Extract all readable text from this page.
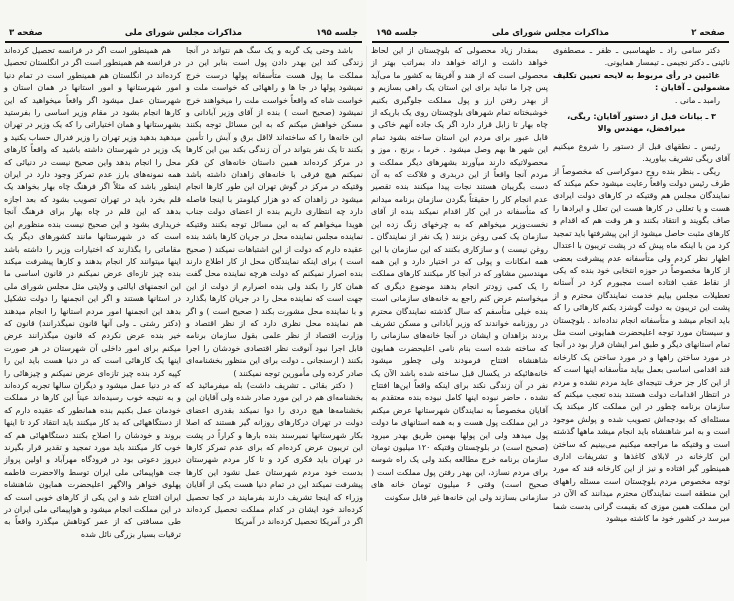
جلسه ۱۹۵
مذاکرات مجلس شورای ملی
صفحه ۳

باشد وحتی یک گربه و یک سگ هم نتواند در آنجا زندگی کند این بهدر دادن پول است بنابر این در مملکت ما پول هست متأسفانه پولها درست خرج نمیشود پولها در جا ها و راههائی که خواست ملت و خواست شاه که واقعاً خواست ملت را میخواهند خرج نمیشود (صحیح است ) بنده از آقای وزیر آبادانی و مسکن خواهش میکنم که به این مسائل توجه بکنند این خانه‌ها را که ساخته‌اند لااقل برق و آبش را تأمین بکنند تا یک نفر بتواند در آن زندگی بکند بین این کارها در مرکز کرده‌اند همین داستان خانه‌های کن فکر نمیکنم هیچ فرقی با خانه‌های زاهدان داشته باشد وقتیکه در مرکز در گوش تهران این طور کارها انجام میشود در زاهدان که دو هزار کیلومتر با اینجا فاصله دارد چه انتظاری داریم بنده از اعضای دولت جناب هویدا میخواهم که به این مسائل توجه بکنند وقتیکه نماینده مجلس نماینده محل در جریان کارها باشد بنده عقیده دارم که دولت از این اشتباهات نمیکند ( صحیح است ) برای اینکه نمایندگان محل از کار اطلاع دارند بنده اصرار نمیکنم که دولت هرچه نماینده محل گفت همان کار را بکند ولی بنده اصرارم از دولت از این جهت است که نماینده محل را در جریان کارها بگذارد و با نماینده محل مشورت بکند ( صحیح است ) و اگر هم نماینده محل نظری دارد که از نظر اقتصاد و وزارت اقتصاد از نظر علمی بقول سازمان برنامه قابل اجرا نبود آنوقت نظر اقتصادی خودشان را اجرا بکنند ( ارسنجانی ـ دولت برای این منظور بخشنامه‌ای صادر کرده ولی مأمورین توجه نمیکنند )

( دکتر بقائی ـ تشریف داشت) بله میفرمائید که بخشنامه‌ای هم در این مورد صادر شده ولی آقایان این بخشنامه‌ها هیچ دردی را دوا نمیکند بقدری اعضای دولت در تهران درکارهای روزانه گیر هستند که اصلا بکار شهرستانها نمیرسند بنده بارها و کراراً در پشت این تریبون عرض کرده‌ام که برای عدم تمرکز کارها در تهران باید فکری کرد و تا کار مردم شهرستان بدست خود مردم شهرستان عمل نشود این کارها پیشرفت نمیکند این در تمام دنیا هست یکی از آقایان وزراء که اینجا تشریف دارند بفرمایند در کجا تحصیل کرده‌اند خود ایشان در کدام مملکت تحصیل کرده‌اند اگر در آمریکا تحصیل کرده‌اند در آمریکا

هم همینطور است اگر در فرانسه تحصیل کرده‌اند در فرانسه هم همینطور است اگر در انگلستان تحصیل کرده‌اند در انگلستان هم همینطور است در تمام دنیا امور شهرستانها و امور استانها در همان استان و شهرستان عمل میشود اگر واقعاً میخواهید که این کارها انجام بشود در مقام وزیر اساسی را بفرستید بشهرستانها و همان اختیاراتی را که یک وزیر در تهران میدهید بدهید وزیر تهران را وزیر فدرال حساب بکنید و یک وزیر در شهرستان داشته باشید که واقعاً کارهای محل را انجام بدهد واین صحیح نیست در دنیائی که همه نمونه‌های بارز عدم تمرکز وجود دارد در ایران اینطور باشد که مثلاً اگر فرهنگ چاه بهار بخواهد یک قلم بخرد باید در تهران تصویب بشود که بعد اجازه بدهد که این قلم در چاه بهار برای فرهنگ آنجا خریداری بشود و این صحیح نیست بنده منظورم این است که در شهرستانها مانند کشورهای دیگر یک مقاماتی را بگذارند که اختیارات وزیر را داشته باشد اینها میتوانند کار انجام بدهند و کارها پیشرفت میکند بنده چیز تازه‌ای عرض نمیکنم در قانون اساسی ما این انجمنهای ایالتی و ولایتی مثل مجلس شورای ملی در استانها هستند و اگر این انجمنها را دولت تشکیل بدهد این انجمنها امور مردم استانها را انجام میدهند (دکتر رشتی ـ ولی آنها قانون نمیگذرانند) قانون که خیر بنده عرض نکردم که قانون میگذرانند عرض میکنم برای امور داخلی آن شهرستان در هر صورت اینها یک کارهائی است که در دنیا هست باید این را کپیه کرد بنده چیز تازه‌ای عرض نمیکنم و چیزهائی را که در دنیا عمل میشود و دیگران سالها تجربه کرده‌اند و به نتیجه خوب رسیده‌اند عیناً این کارها در مملکت خودمان عمل بکنیم بنده همانطور که عقیده دارم که از دستگاههائی که بد کار میکنند باید انتقاد کرد تا اینها بروند و خودشان را اصلاح بکنند دستگاههائی هم که خوب کار میکنند باید مورد تمجید و تقدیر قرار بگیرند دیروز دعوتی بود در فرودگاه مهرآباد و اولین پرواز جت هواپیمائی ملی ایران توسط والاحضرت فاطمه پهلوی خواهر والاگهر اعلیحضرت همایون شاهنشاه ایران افتتاح شد و این یکی از کارهای خوبی است که در این مملکت انجام میشود و هواپیمائی ملی ایران در طی مسافتی که از عمر کوتاهش میگذرد واقعاً به ترقیات بسیار بزرگی نائل شده

صفحه ۲
مذاکرات مجلس شورای ملی
جلسه ۱۹۵

دکتر سامی راد ـ طهماسبی ـ ظفر ـ مصطفوی نائینی ـ دکتر نجیمی ـ تیمسار همایونی.

غائبین در رأی مربوط به لایحه تعیین تکلیف مشمولین ـ آقایان :

رامبد ـ مانی .

۳ ـ بیانات قبل از دستور آقایان: ریگی، میرافضل، مهندس والا

رئیس ـ نطقهای قبل از دستور را شروع میکنیم آقای ریگی تشریف بیاورید.

ریگی ـ بنظر بنده روح دموکراسی که مخصوصاً از طرف رئیس دولت واقعاً رعایت میشود حکم میکند که نمایندگان مجلس هم وقتیکه در کارهای دولت ایرادی هست و یا تعللی در کارها هست این تعلل و ایرادها را صاف بگویند و انتقاد بکنند و هر وقت هم که اقدام و کارهای مثبت حاصل میشود از این پیشرفتها باید تمجید کرد من با اینکه ماه پیش که در پشت تریبون با اعتدال اظهار نظر کردم ولی متأسفانه عدم پیشرفت بعضی از کارها مخصوصاً در حوزه انتخابی خود بنده که یکی از نقاط عقب افتاده است مجبورم کرد در آستانه تعطیلات مجلس بیایم خدمت نمایندگان محترم و از پشت این تریبون به دولت گوشزد بکنم کارهائی را که باید انجام میشد و متأسفانه انجام نداده‌اند . بلوچستان و سیستان مورد توجه اعلیحضرت همایونی است مثل تمام استانهای دیگر و طبق امر ایشان قرار بود در آنجا در مورد ساختن راهها و در مورد ساختن یک کارخانه قند اقدامی اساسی بعمل بیاید متأسفانه اینها است که از این کار جز حرف نتیجه‌ای عاید مردم نشده و مردم در انتظار اقدامات دولت هستند بنده تعجب میکنم که سازمان برنامه چطور در این مملکت کار میکند یک مسئله‌ای که بودجه‌اش تصویب شده و پولش موجود است و به امر شاهنشاه باید انجام میشد ماهها گذشته است و وقتیکه ما مراجعه میکنیم می‌بینیم که ساختن این کارخانه در لابلای کاغذها و تشریفات اداری همینطور گیر افتاده و نیز از این کارخانه قند که مورد توجه مخصوص مردم بلوچستان است مسئله راههای این منطقه است نمایندگان محترم میدانند که الآن در این مملکت همین موزی که بقیمت گرانی بدست شما میرسد در کشور خود ما کاشته میشود

بمقدار زیاد محصولی که بلوچستان از این لحاظ خواهد داشت و ارائه خواهد داد بمراتب بهتر از محصولی است که از هند و آفریقا به کشور ما می‌آید پس چرا ما نباید برای این استان یک راهی بسازیم و از بهدر رفتن ارز و پول مملکت جلوگیری بکنیم خوشبختانه تمام شهرهای بلوچستان روی یک باریکه از چاه بهار تا زابل قرار دارد اگر یک جاده آنهم خاکی و قابل عبور برای مردم این استان ساخته بشود تمام این شهر ها بهم وصل میشود . خرما ، برنج ، موز و محصولاتیکه دارند میآورند بشهرهای دیگر مملکت و مردم آنجا واقعاً از این دربدری و فلاکت که به آن دست بگریبان هستند نجات پیدا میکنند بنده تقصیر عدم انجام کار را حقیقتاً بگردن سازمان برنامه میدانم که متأسفانه در این کار اقدام نمیکند بنده از آقای نخست‌وزیر میخواهم که به چرخهای زنگ زده این سازمان یک کمی روغن بزنند ( یک نفر از نمایندگان ـ روغن نیست ) و سازکاری بکنند که این سازمان با این همه امکانات و پولی که در اختیار دارد و این همه مهندسین مشاور که در آنجا کار میکنند کارهای مملکت را یک کمی زودتر انجام بدهند موضوع دیگری که میخواستم عرض کنم راجع به خانه‌های سازمانی است بنده خیلی متأسفم که سال گذشته نمایندگان محترم در روزنامه خواندند که وزیر آبادانی و مسکن تشریف بردند بزاهدان و ایشان در آنجا خانه‌های سازمانی را که ساخته شده است بنام نامی اعلیحضرت همایون شاهنشاه افتتاح فرمودند ولی چطور میشود خانه‌هائیکه در یکسال قبل ساخته شده باشد الآن یک نفر در آن زندگی نکند برای اینکه واقعاً این‌ها افتتاح نشده ، حاضر نبوده اینها کامل نبوده بنده معتقدم به آقایان مخصوصاً به نمایندگان شهرستانها عرض میکنم در این مملکت پول هست و به همه استانهای ما دولت پول میدهد ولی این پولها بهمین طریق بهدر میرود (صحیح است) در بلوچستان وقتیکه ۱۲۰ میلیون تومان سازمان برنامه خرج مطالعه بکند ولی یک راه شوسه برای مردم نسازد، این بهدر رفتن پول مملکت است ( صحیح است) وقتی ۶ میلیون تومان خانه های سازمانی بسازند ولی این خانه‌ها غیر قابل سکونت
